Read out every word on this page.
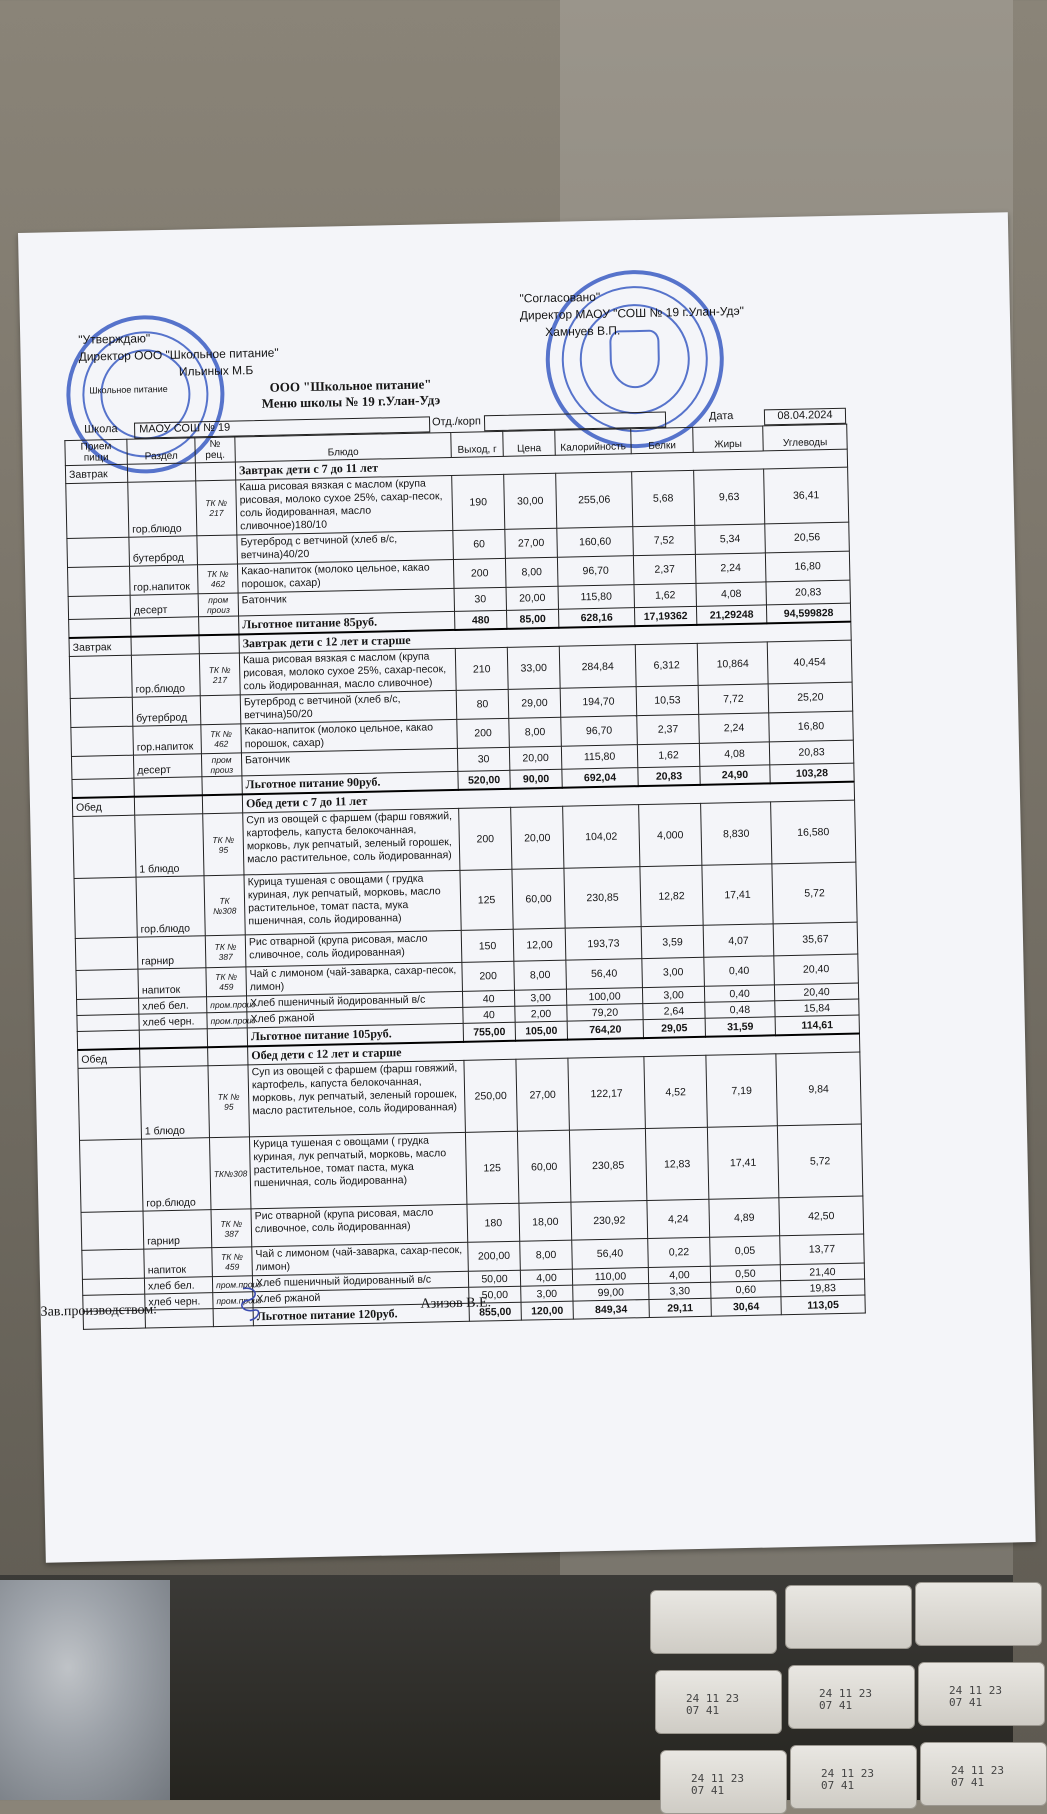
24 11 23
07 41
24 11 23
07 41
24 11 23
07 41
24 11 23
07 41
24 11 23
07 41
24 11 23
07 41
"Утверждаю"
Директор ООО "Школьное питание"
Ильиных М.Б
Школьное питание
"Согласовано"
Директор МАОУ "СОШ № 19 г.Улан-Удэ"
Хамнуев В.П.
ООО "Школьное питание"
Меню школы № 19 г.Улан-Удэ
Школа	МАОУ СОШ № 19	Отд./корп	Дата	08.04.2024
Прием пищи	Раздел	№ рец.	Блюдо	Выход, г	Цена	Калорийность	Белки	Жиры	Углеводы
Завтрак			Завтрак дети с 7 до 11 лет						
	гор.блюдо	ТК № 217	Каша рисовая вязкая с маслом (крупа рисовая, молоко сухое 25%, сахар-песок, соль йодированная, масло сливочное)180/10	190	30,00	255,06	5,68	9,63	36,41
	бутерброд		Бутерброд с ветчиной (хлеб в/с, ветчина)40/20	60	27,00	160,60	7,52	5,34	20,56
	гор.напиток	ТК № 462	Какао-напиток (молоко цельное, какао порошок, сахар)	200	8,00	96,70	2,37	2,24	16,80
	десерт	пром произ	Батончик	30	20,00	115,80	1,62	4,08	20,83
			Льготное питание 85руб.	480	85,00	628,16	17,19362	21,29248	94,599828
Завтрак			Завтрак дети с 12 лет и старше						
	гор.блюдо	ТК № 217	Каша рисовая вязкая с маслом (крупа рисовая, молоко сухое 25%, сахар-песок, соль йодированная, масло сливочное)	210	33,00	284,84	6,312	10,864	40,454
	бутерброд		Бутерброд с ветчиной (хлеб в/с, ветчина)50/20	80	29,00	194,70	10,53	7,72	25,20
	гор.напиток	ТК № 462	Какао-напиток (молоко цельное, какао порошок, сахар)	200	8,00	96,70	2,37	2,24	16,80
	десерт	пром произ	Батончик	30	20,00	115,80	1,62	4,08	20,83
			Льготное питание 90руб.	520,00	90,00	692,04	20,83	24,90	103,28
Обед			Обед дети с 7 до 11 лет						
	1 блюдо	ТК № 95	Суп из овощей с фаршем (фарш говяжий, картофель, капуста белокочанная, морковь, лук репчатый, зеленый горошек, масло растительное, соль йодированная)	200	20,00	104,02	4,000	8,830	16,580
	гор.блюдо	ТК №308	Курица тушеная с овощами ( грудка куриная, лук репчатый, морковь, масло растительное, томат паста, мука пшеничная, соль йодированна)	125	60,00	230,85	12,82	17,41	5,72
	гарнир	ТК № 387	Рис отварной (крупа рисовая, масло сливочное, соль йодированная)	150	12,00	193,73	3,59	4,07	35,67
	напиток	ТК № 459	Чай с лимоном (чай-заварка, сахар-песок, лимон)	200	8,00	56,40	3,00	0,40	20,40
	хлеб бел.	пром.произ	Хлеб пшеничный йодированный в/с	40	3,00	100,00	3,00	0,40	20,40
	хлеб черн.	пром.произ	Хлеб ржаной	40	2,00	79,20	2,64	0,48	15,84
			Льготное питание 105руб.	755,00	105,00	764,20	29,05	31,59	114,61
Обед			Обед дети с 12 лет и старше						
	1 блюдо	ТК № 95	Суп из овощей с фаршем (фарш говяжий, картофель, капуста белокочанная, морковь, лук репчатый, зеленый горошек, масло растительное, соль йодированная)	250,00	27,00	122,17	4,52	7,19	9,84
	гор.блюдо	ТК№308	Курица тушеная с овощами ( грудка куриная, лук репчатый, морковь, масло растительное, томат паста, мука пшеничная, соль йодированна)	125	60,00	230,85	12,83	17,41	5,72
	гарнир	ТК № 387	Рис отварной (крупа рисовая, масло сливочное, соль йодированная)	180	18,00	230,92	4,24	4,89	42,50
	напиток	ТК № 459	Чай с лимоном (чай-заварка, сахар-песок, лимон)	200,00	8,00	56,40	0,22	0,05	13,77
	хлеб бел.	пром.произ	Хлеб пшеничный йодированный в/с	50,00	4,00	110,00	4,00	0,50	21,40
	хлеб черн.	пром.произ	Хлеб ржаной	50,00	3,00	99,00	3,30	0,60	19,83
			Льготное питание 120руб.	855,00	120,00	849,34	29,11	30,64	113,05
Зав.производством:	Азизов В.Е.
